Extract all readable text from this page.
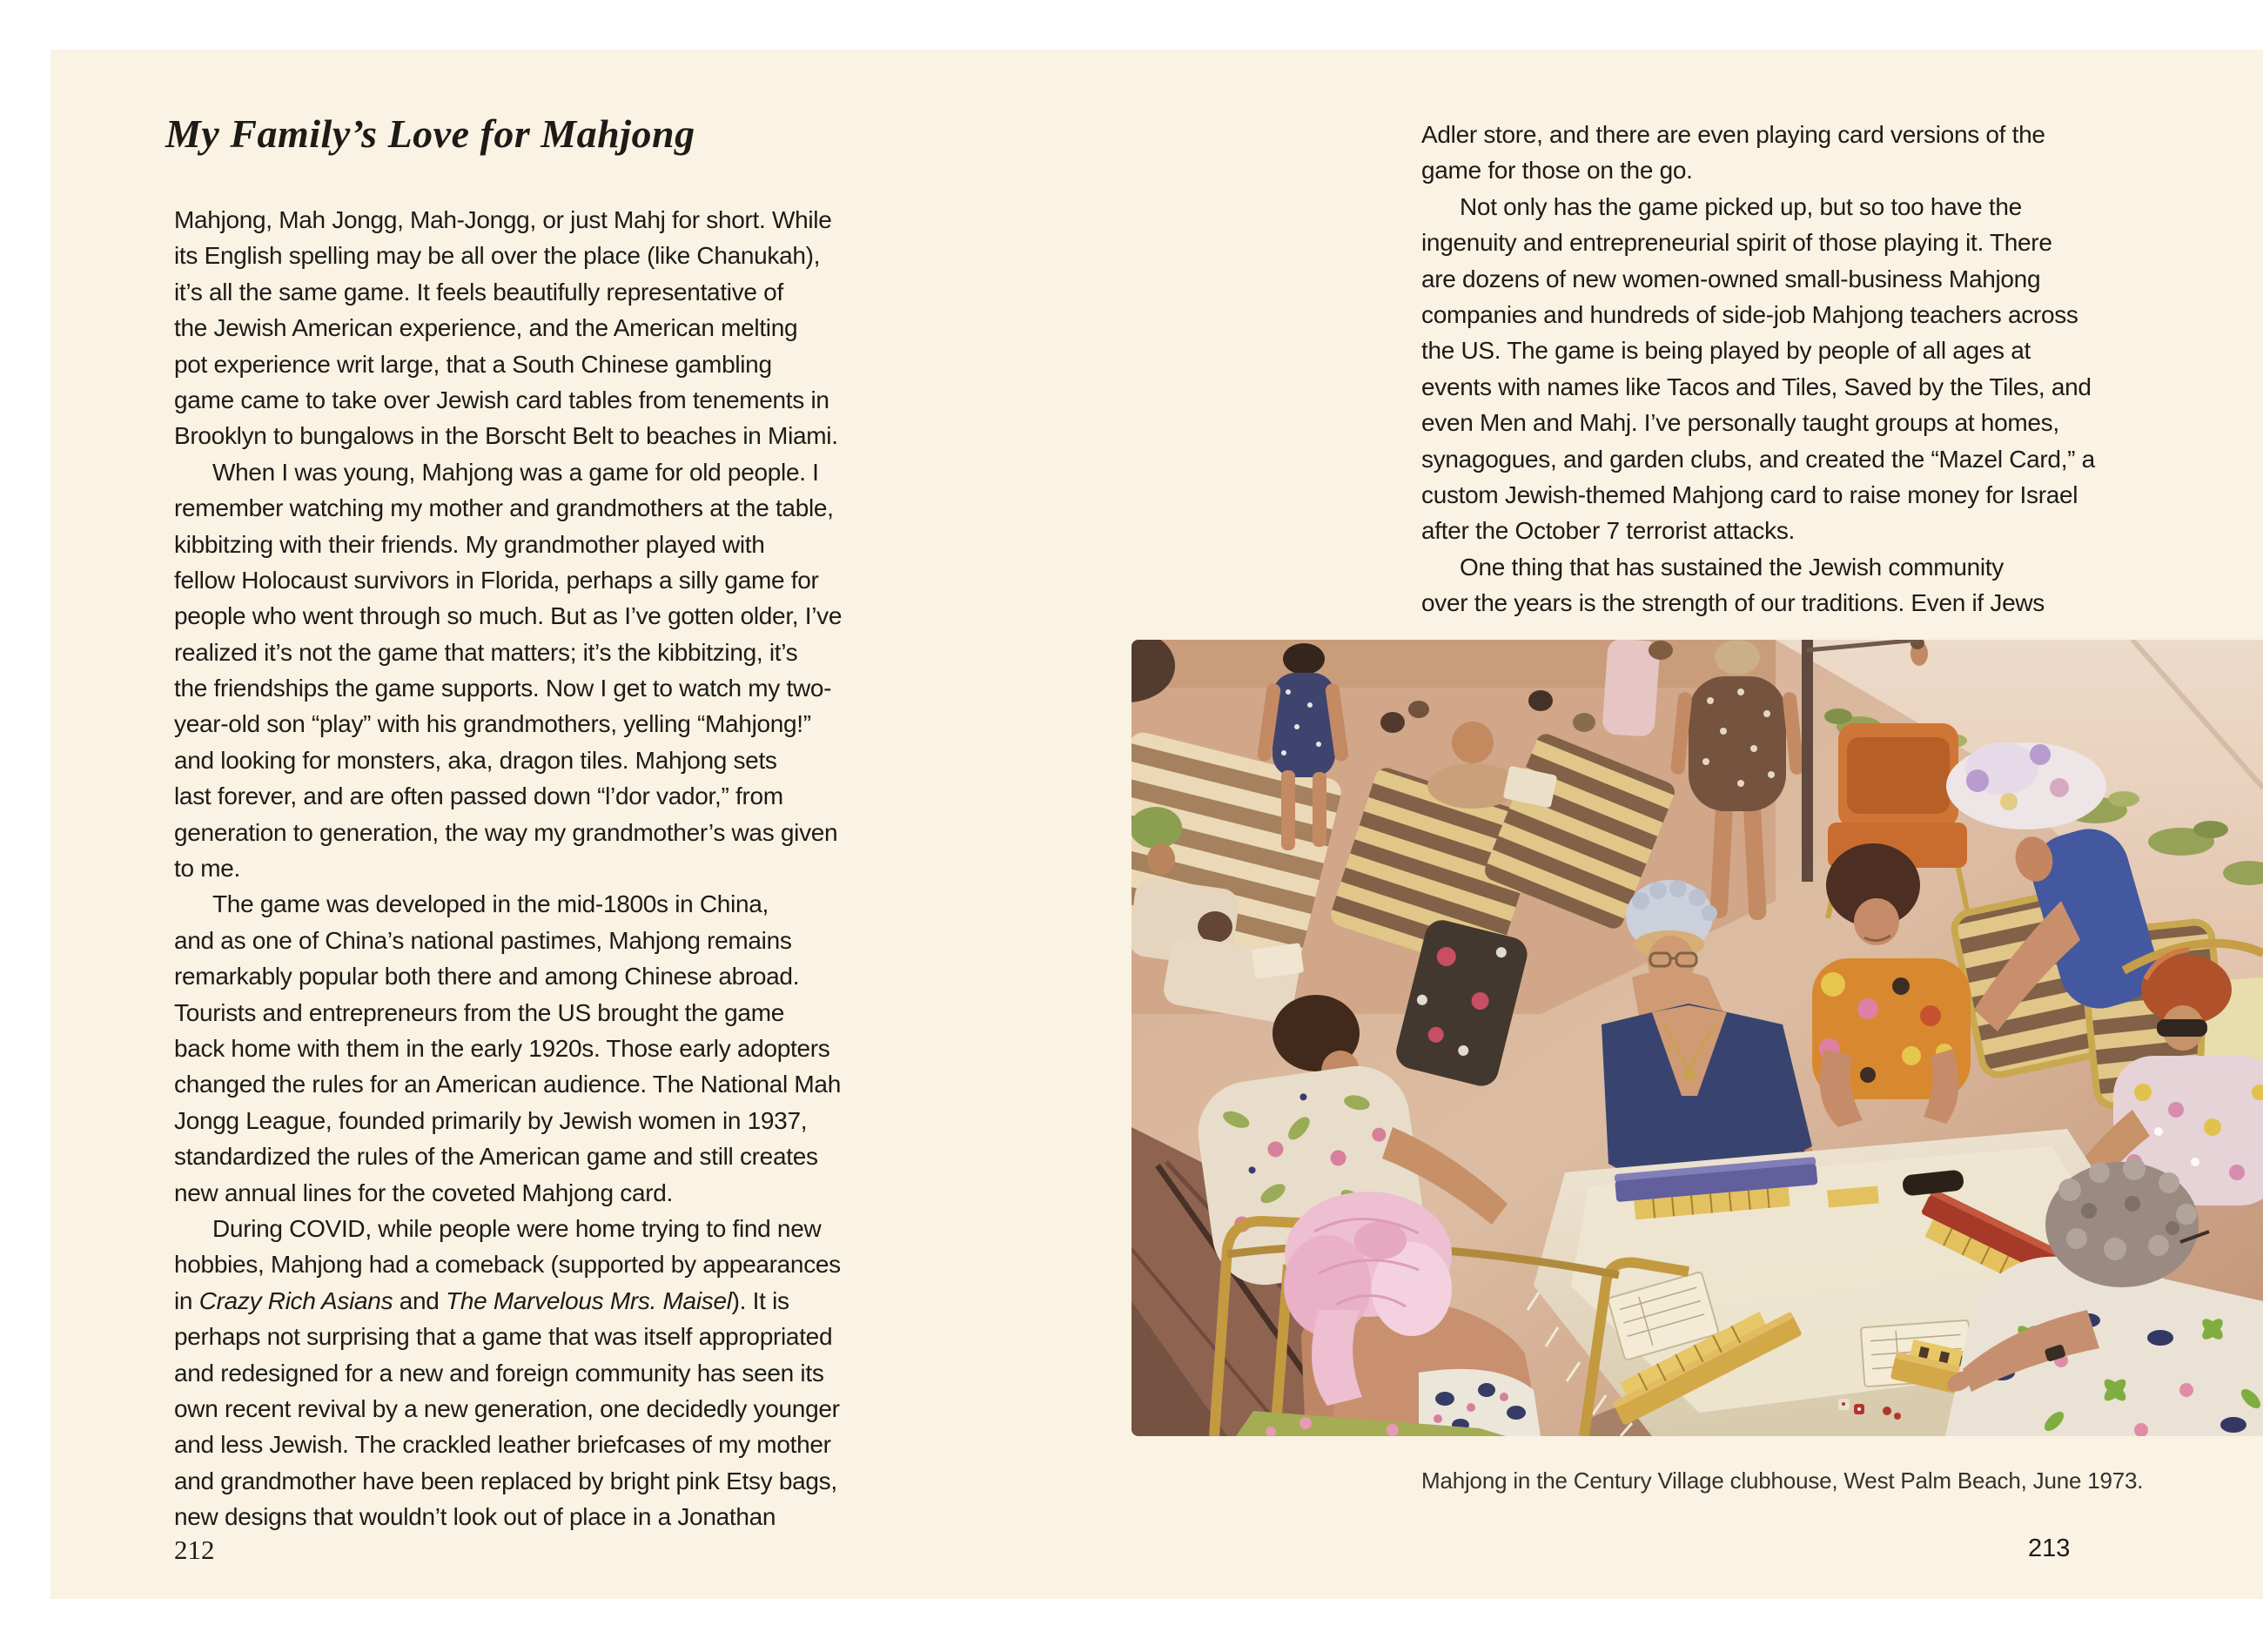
My Family’s Love for Mahjong
Mahjong, Mah Jongg, Mah-Jongg, or just Mahj for short. While
its English spelling may be all over the place (like Chanukah),
it’s all the same game. It feels beautifully representative of
the Jewish American experience, and the American melting
pot experience writ large, that a South Chinese gambling
game came to take over Jewish card tables from tenements in
Brooklyn to bungalows in the Borscht Belt to beaches in Miami.
When I was young, Mahjong was a game for old people. I
remember watching my mother and grandmothers at the table,
kibbitzing with their friends. My grandmother played with
fellow Holocaust survivors in Florida, perhaps a silly game for
people who went through so much. But as I’ve gotten older, I’ve
realized it’s not the game that matters; it’s the kibbitzing, it’s
the friendships the game supports. Now I get to watch my two-
year-old son “play” with his grandmothers, yelling “Mahjong!”
and looking for monsters, aka, dragon tiles. Mahjong sets
last forever, and are often passed down “l’dor vador,” from
generation to generation, the way my grandmother’s was given
to me.
The game was developed in the mid-1800s in China,
and as one of China’s national pastimes, Mahjong remains
remarkably popular both there and among Chinese abroad.
Tourists and entrepreneurs from the US brought the game
back home with them in the early 1920s. Those early adopters
changed the rules for an American audience. The National Mah
Jongg League, founded primarily by Jewish women in 1937,
standardized the rules of the American game and still creates
new annual lines for the coveted Mahjong card.
During COVID, while people were home trying to find new
hobbies, Mahjong had a comeback (supported by appearances
in Crazy Rich Asians and The Marvelous Mrs. Maisel). It is
perhaps not surprising that a game that was itself appropriated
and redesigned for a new and foreign community has seen its
own recent revival by a new generation, one decidedly younger
and less Jewish. The crackled leather briefcases of my mother
and grandmother have been replaced by bright pink Etsy bags,
new designs that wouldn’t look out of place in a Jonathan
212
Adler store, and there are even playing card versions of the
game for those on the go.
Not only has the game picked up, but so too have the
ingenuity and entrepreneurial spirit of those playing it. There
are dozens of new women-owned small-business Mahjong
companies and hundreds of side-job Mahjong teachers across
the US. The game is being played by people of all ages at
events with names like Tacos and Tiles, Saved by the Tiles, and
even Men and Mahj. I’ve personally taught groups at homes,
synagogues, and garden clubs, and created the “Mazel Card,” a
custom Jewish-themed Mahjong card to raise money for Israel
after the October 7 terrorist attacks.
One thing that has sustained the Jewish community
over the years is the strength of our traditions. Even if Jews
Mahjong in the Century Village clubhouse, West Palm Beach, June 1973.
213
